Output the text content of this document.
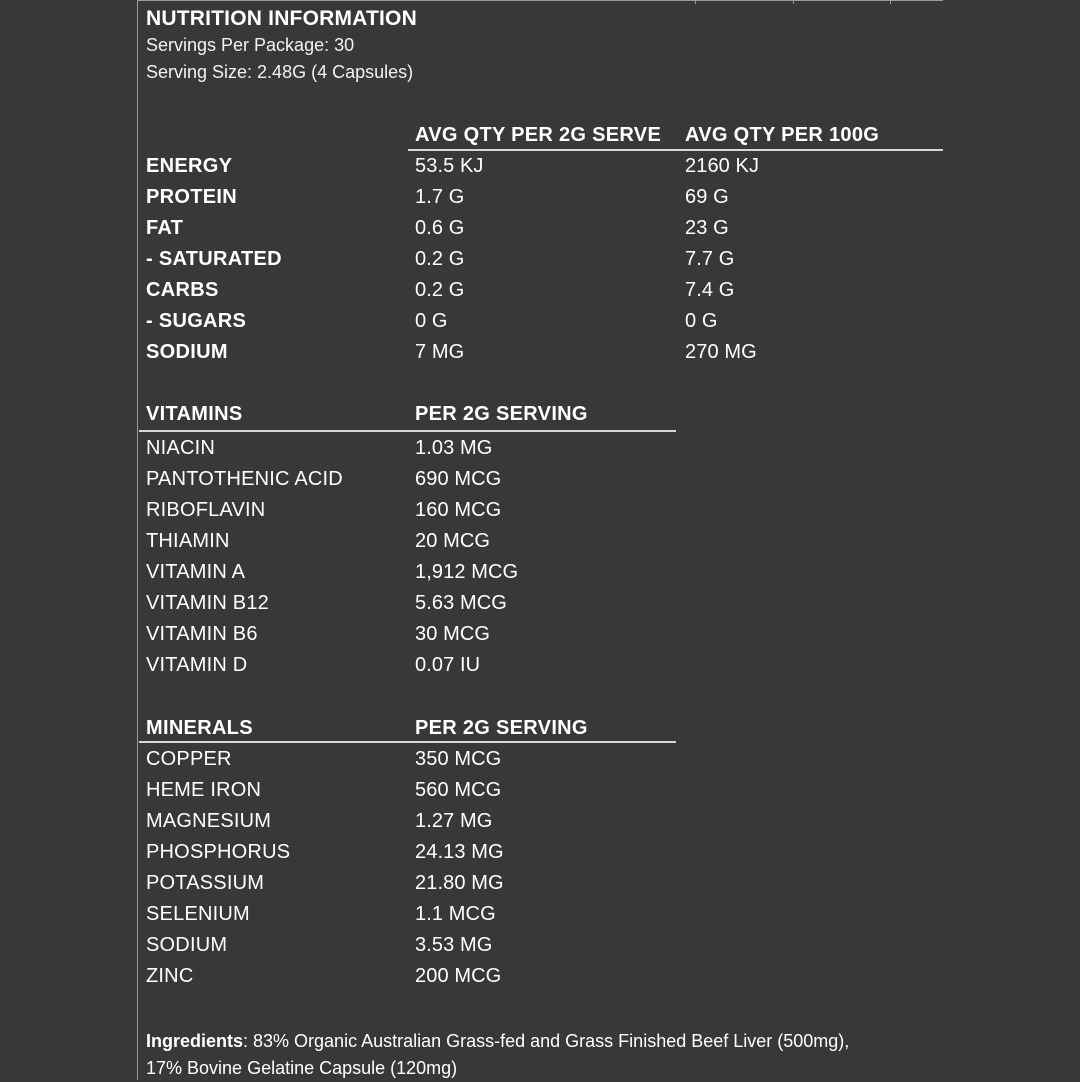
NUTRITION INFORMATION
Servings Per Package: 30
Serving Size: 2.48G (4 Capsules)
AVG QTY PER 2G SERVE AVG QTY PER 100G
ENERGY	53.5 KJ	2160 KJ
PROTEIN	1.7 G	69 G
FAT	0.6 G	23 G
- SATURATED	0.2 G	7.7 G
CARBS	0.2 G	7.4 G
- SUGARS	0 G	0 G
SODIUM	7 MG	270 MG
VITAMINS	PER 2G SERVING
NIACIN	1.03 MG
PANTOTHENIC ACID	690 MCG
RIBOFLAVIN	160 MCG
THIAMIN	20 MCG
VITAMIN A	1,912 MCG
VITAMIN B12	5.63 MCG
VITAMIN B6	30 MCG
VITAMIN D	0.07 IU
MINERALS	PER 2G SERVING
COPPER	350 MCG
HEME IRON	560 MCG
MAGNESIUM	1.27 MG
PHOSPHORUS	24.13 MG
POTASSIUM	21.80 MG
SELENIUM	1.1 MCG
SODIUM	3.53 MG
ZINC	200 MCG
Ingredients: 83% Organic Australian Grass-fed and Grass Finished Beef Liver (500mg),
17% Bovine Gelatine Capsule (120mg)
